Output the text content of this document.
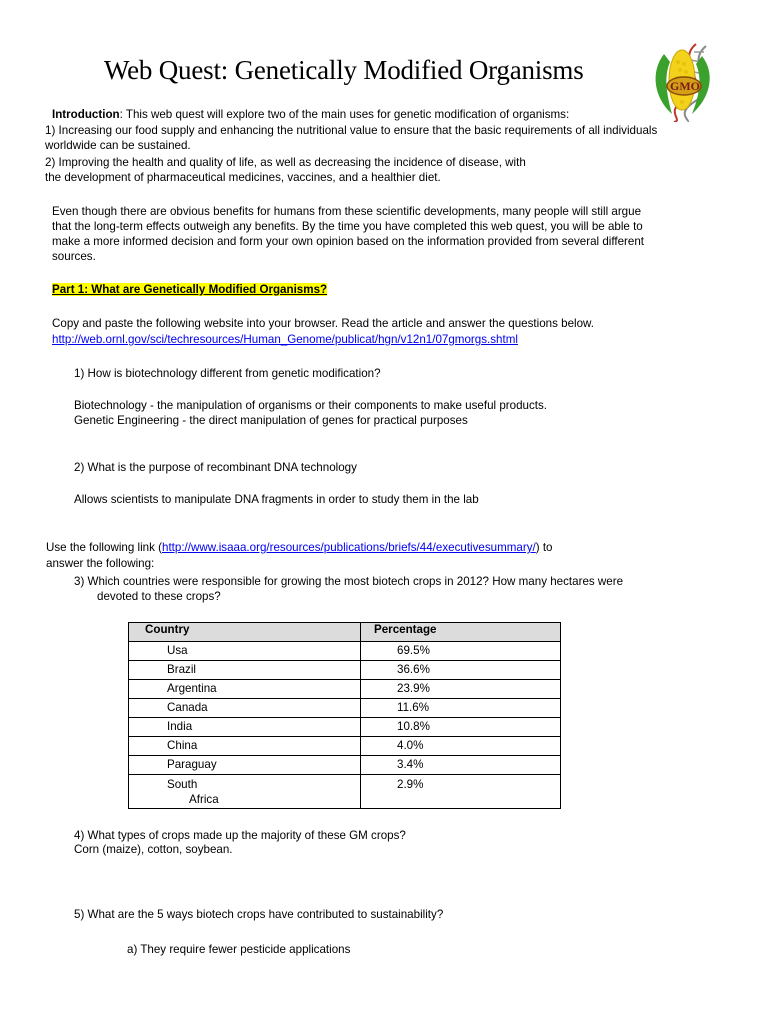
Web Quest: Genetically Modified Organisms
GMO
Introduction: This web quest will explore two of the main uses for genetic modification of organisms:
1) Increasing our food supply and enhancing the nutritional value to ensure that the basic requirements of all individuals
worldwide can be sustained.
2) Improving the health and quality of life, as well as decreasing the incidence of disease, with
the development of pharmaceutical medicines, vaccines, and a healthier diet.
Even though there are obvious benefits for humans from these scientific developments, many people will still argue
that the long-term effects outweigh any benefits. By the time you have completed this web quest, you will be able to
make a more informed decision and form your own opinion based on the information provided from several different
sources.
Part 1: What are Genetically Modified Organisms?
Copy and paste the following website into your browser. Read the article and answer the questions below.
http://web.ornl.gov/sci/techresources/Human_Genome/publicat/hgn/v12n1/07gmorgs.shtml
1) How is biotechnology different from genetic modification?
Biotechnology - the manipulation of organisms or their components to make useful products.
Genetic Engineering - the direct manipulation of genes for practical purposes
2) What is the purpose of recombinant DNA technology
Allows scientists to manipulate DNA fragments in order to study them in the lab
Use the following link (http://www.isaaa.org/resources/publications/briefs/44/executivesummary/) to
answer the following:
3) Which countries were responsible for growing the most biotech crops in 2012? How many hectares were
devoted to these crops?
Country	Percentage
Usa	69.5%
Brazil	36.6%
Argentina	23.9%
Canada	11.6%
India	10.8%
China	4.0%
Paraguay	3.4%

South
Africa	2.9%
4) What types of crops made up the majority of these GM crops?
Corn (maize), cotton, soybean.
5) What are the 5 ways biotech crops have contributed to sustainability?
a) They require fewer pesticide applications
